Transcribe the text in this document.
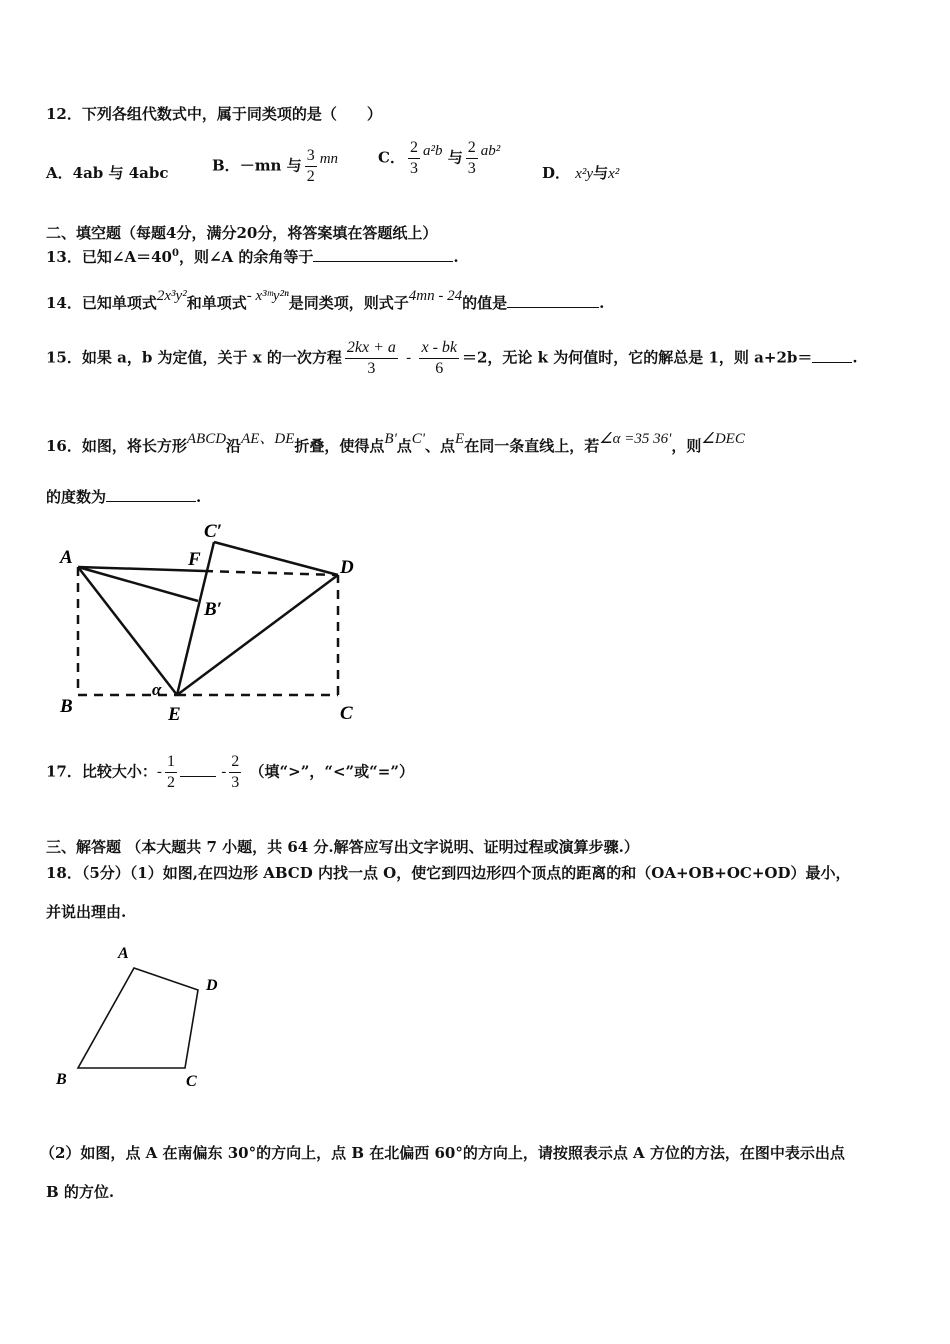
12．下列各组代数式中，属于同类项的是（　　）
A．4ab 与 4abc	B．－mn 与 $\frac{3}{2}$ mn	C． $\frac{2}{3} a^2b$ 与 $\frac{2}{3} ab^2$
D． x²y与x²
二、填空题（每题4分，满分20分，将答案填在答题纸上）
13．已知$\angle A=40^0$，则∠A 的余角等于	.
14．已知单项式2x³y²和单项式- x³ᵐy²ⁿ是同类项，则式子4mn - 24的值是	.
15．如果 a，b 为定值，关于 x 的一次方程 $\frac{2kx + a}{3} - \frac{x - bk}{6} =2$，无论 k 为何值时，它的解总是 1，则 a+2b＝	.
16．如图，将长方形ABCD沿AE、DE折叠，使得点B'点C'、点E在同一条直线上，若∠α =35 36'，则∠DEC
的度数为	.
A
B	C
D
E
F
C′
B′
α
17．比较大小：- $\frac{1}{2}$	- $\frac{2}{3}$ （填“>”，“<”或“=”）
三、解答题 （本大题共 7 小题，共 64 分.解答应写出文字说明、证明过程或演算步骤.）
18．（5分）（1）如图,在四边形 ABCD 内找一点 O，使它到四边形四个顶点的距离的和（OA+OB+OC+OD）最小，
并说出理由.
A
D
B	C
（2）如图，点 A 在南偏东 30°的方向上，点 B 在北偏西 60°的方向上，请按照表示点 A 方位的方法，在图中表示出点
B 的方位.
